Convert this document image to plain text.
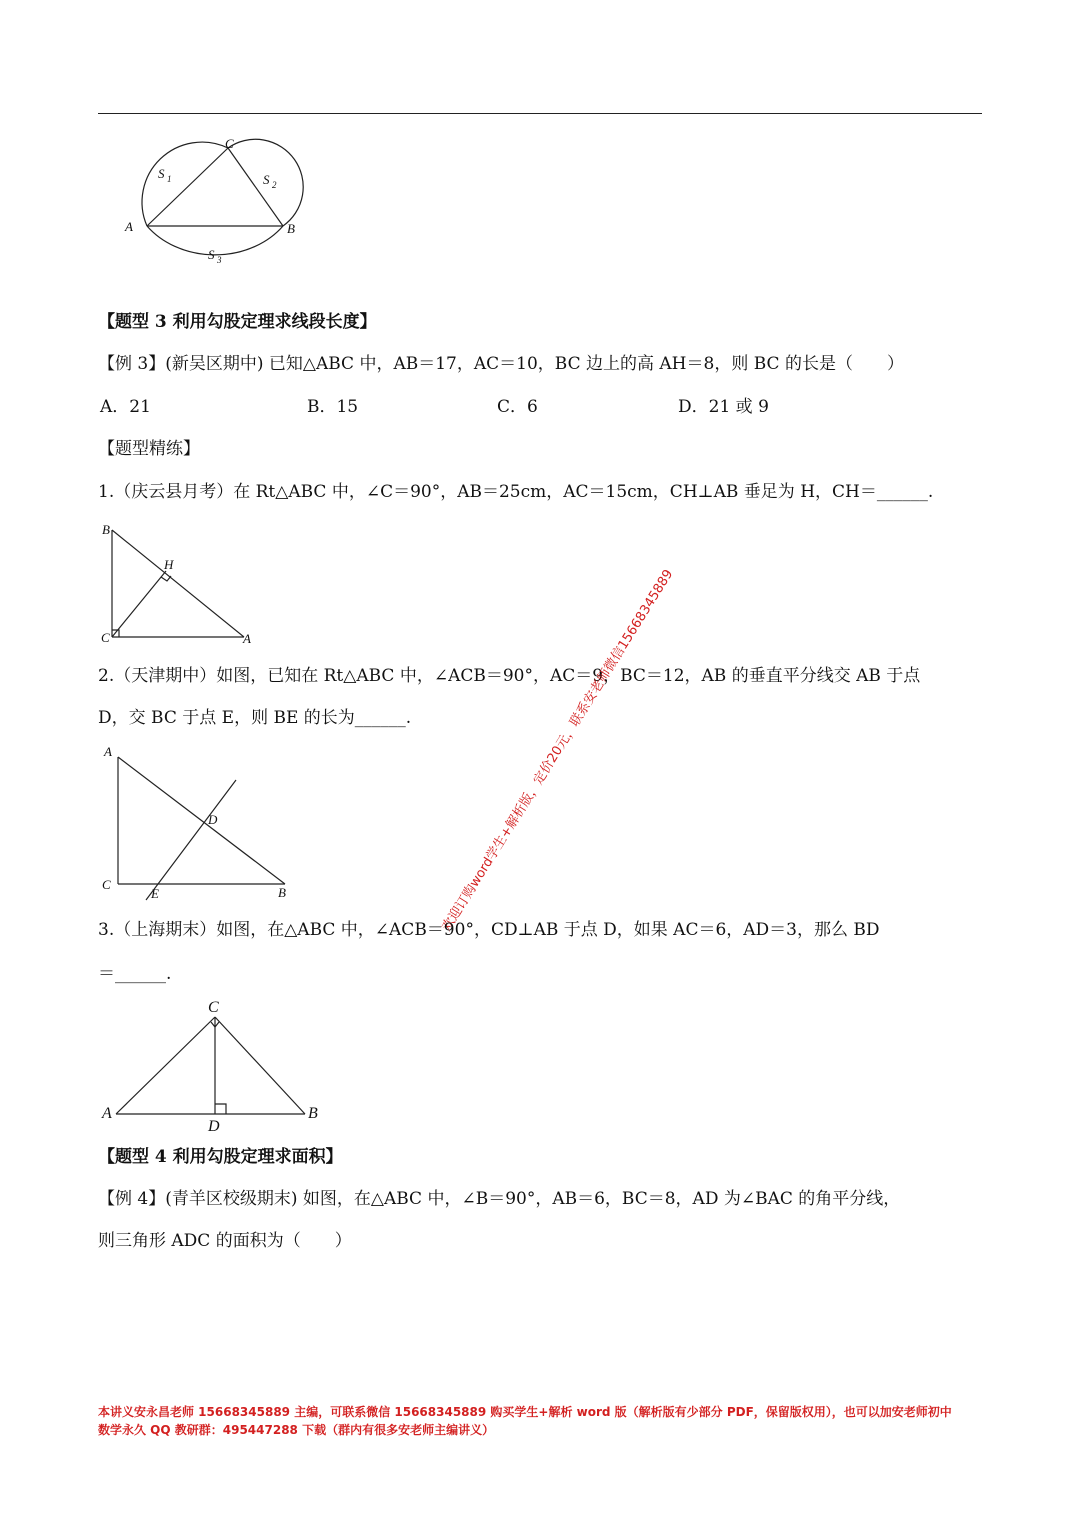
A	B
C
S 1	S 2
S 3
【题型 3 利用勾股定理求线段长度】
【例 3】(新吴区期中) 已知△ABC 中，AB＝17，AC＝10，BC 边上的高 AH＝8，则 BC 的长是（　　）
A．21	B．15	C．6	D．21 或 9
【题型精练】
1.（庆云县月考）在 Rt△ABC 中，∠C＝90°，AB＝25cm，AC＝15cm，CH⊥AB 垂足为 H，CH＝______.
B
C	A
H
2.（天津期中）如图，已知在 Rt△ABC 中，∠ACB＝90°，AC＝9，BC＝12，AB 的垂直平分线交 AB 于点
D，交 BC 于点 E，则 BE 的长为______.
A
C
B
D
E	欢迎订购word学生+解析版，定价20元，联系安老师微信15668345889
3.（上海期末）如图，在△ABC 中，∠ACB＝90°，CD⊥AB 于点 D，如果 AC＝6，AD＝3，那么 BD
＝______.
C
A	B
D
【题型 4 利用勾股定理求面积】
【例 4】(青羊区校级期末) 如图，在△ABC 中，∠B＝90°，AB＝6，BC＝8，AD 为∠BAC 的角平分线，
则三角形 ADC 的面积为（　　）
本讲义安永昌老师 15668345889 主编，可联系微信 15668345889 购买学生+解析 word 版（解析版有少部分 PDF，保留版权用），也可以加安老师初中
数学永久 QQ 教研群：495447288 下载（群内有很多安老师主编讲义）
